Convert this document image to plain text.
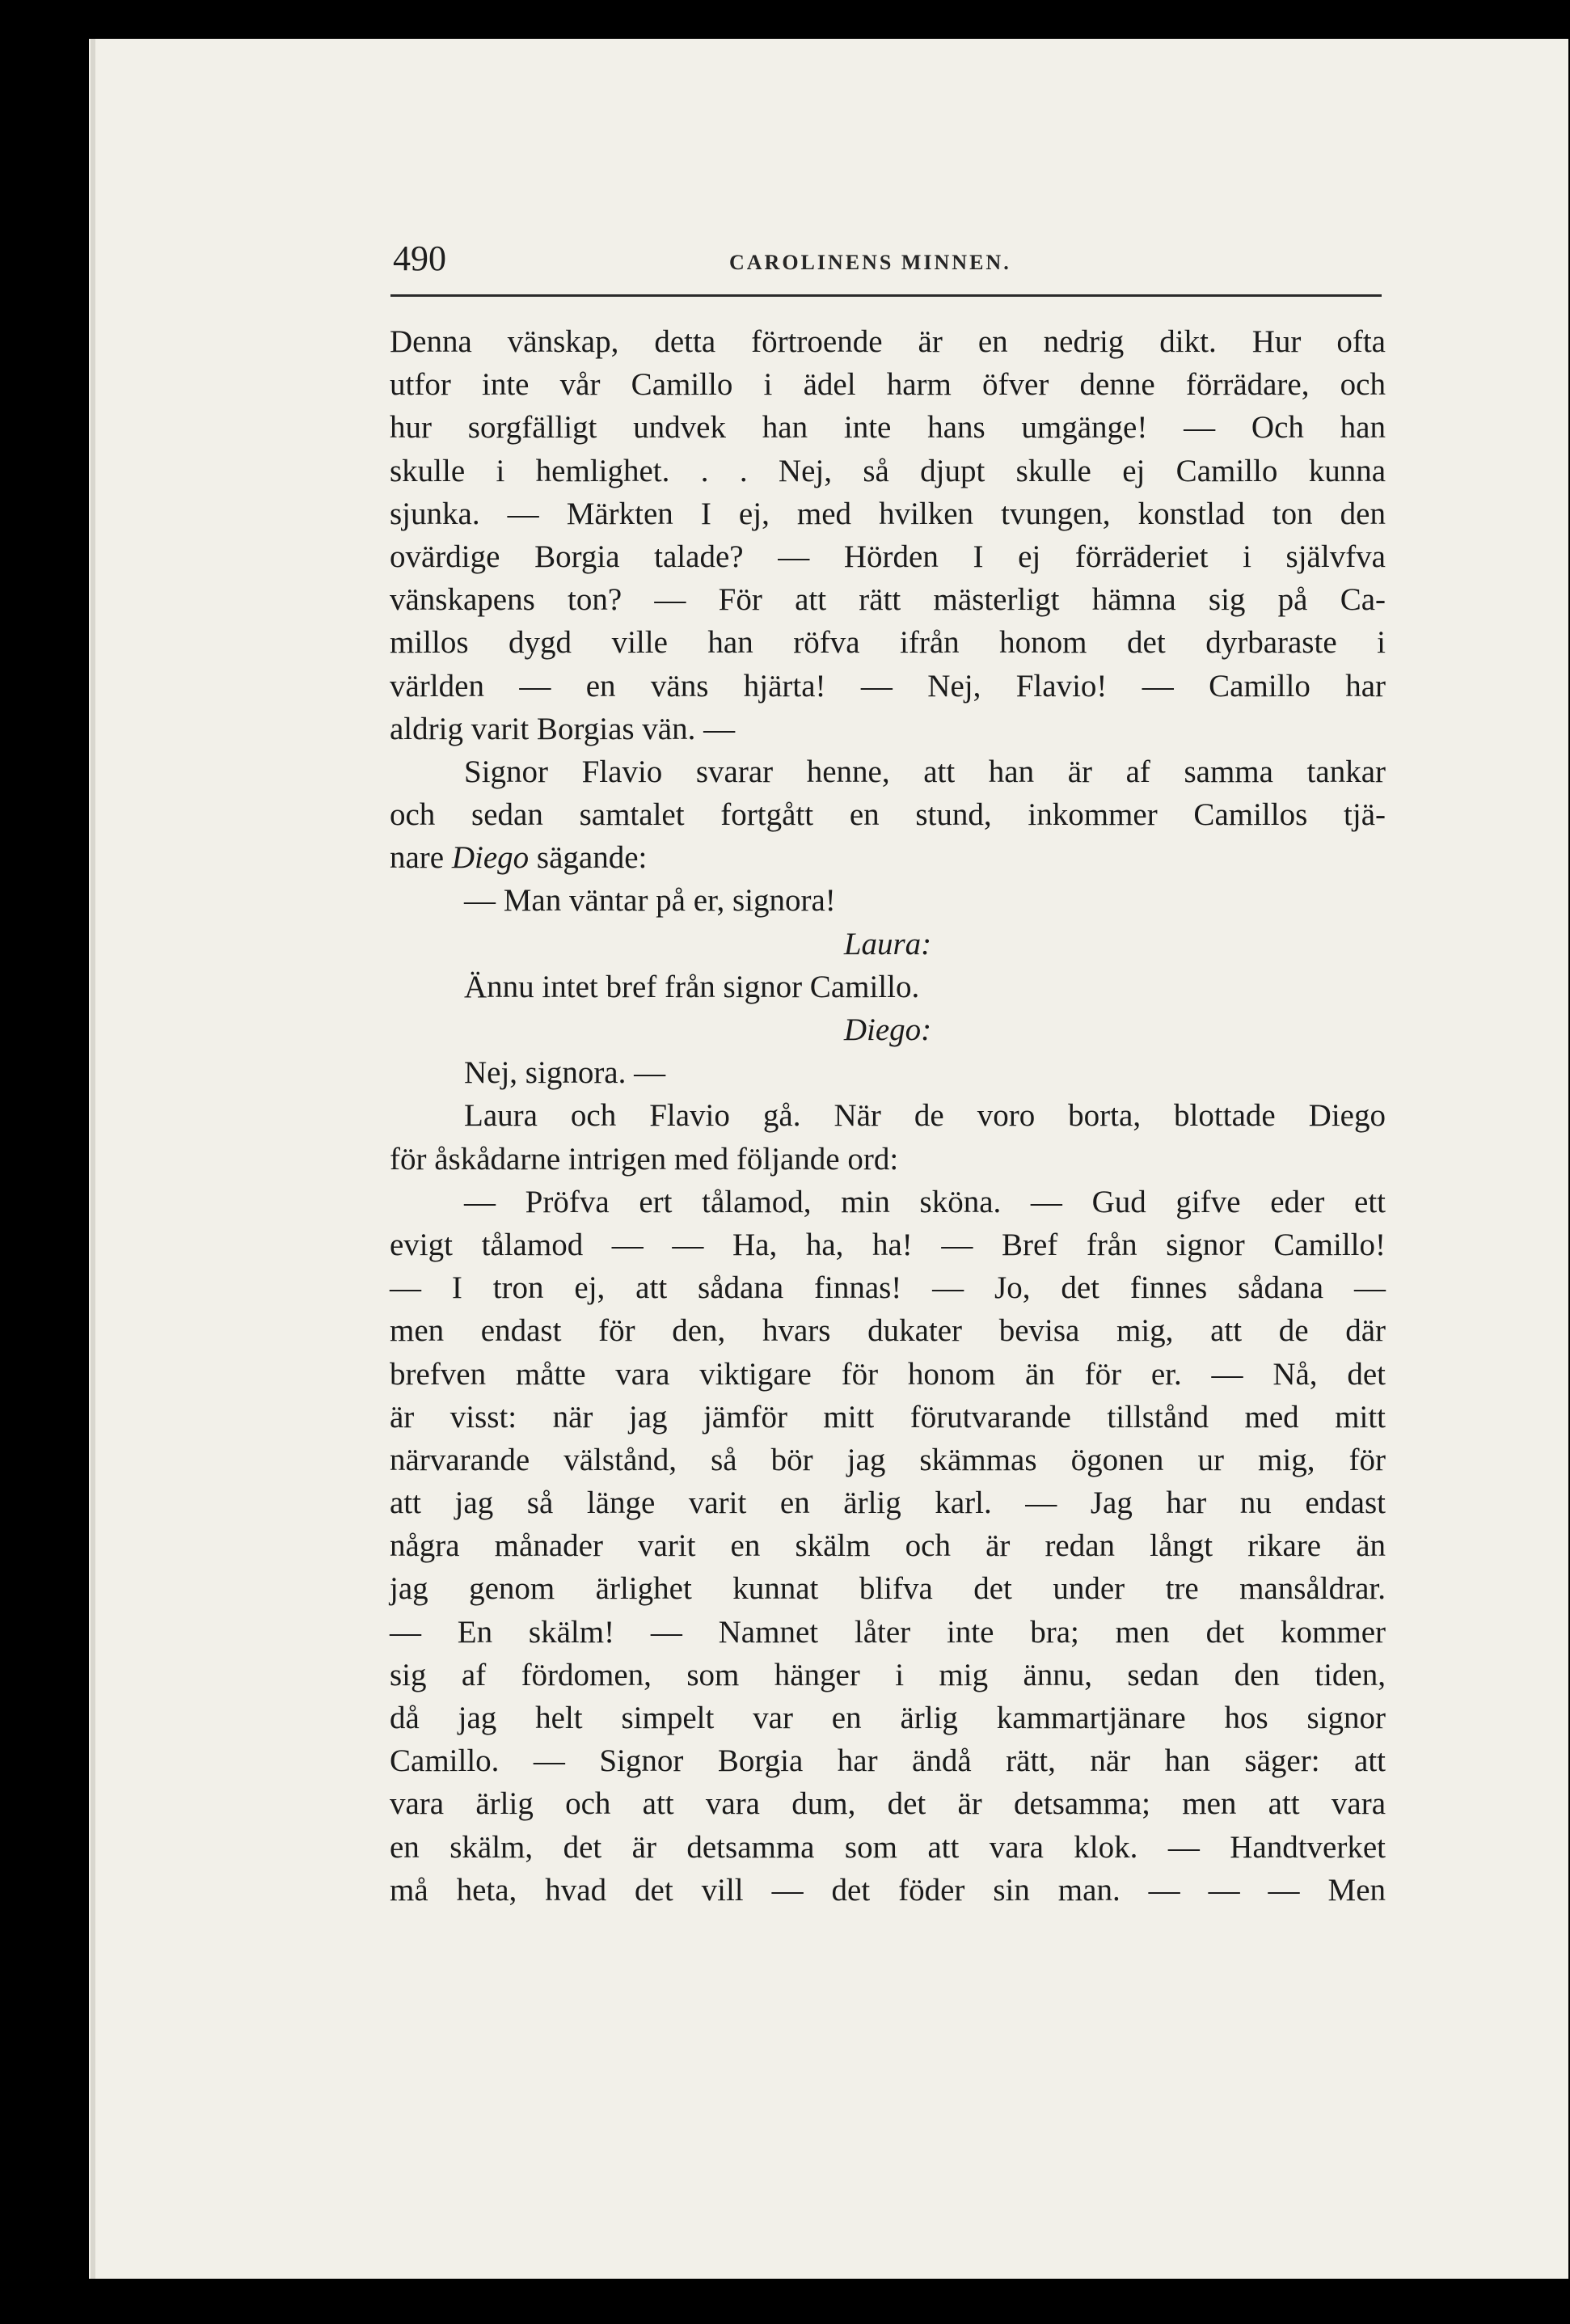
490	CAROLINENS MINNEN.
Denna vänskap, detta förtroende är en nedrig dikt. Hur ofta
utfor inte vår Camillo i ädel harm öfver denne förrädare, och
hur sorgfälligt undvek han inte hans umgänge! — Och han
skulle i hemlighet. . . Nej, så djupt skulle ej Camillo kunna
sjunka. — Märkten I ej, med hvilken tvungen, konstlad ton den
ovärdige Borgia talade? — Hörden I ej förräderiet i självfva
vänskapens ton? — För att rätt mästerligt hämna sig på Ca-
millos dygd ville han röfva ifrån honom det dyrbaraste i
världen — en väns hjärta! — Nej, Flavio! — Camillo har
aldrig varit Borgias vän. —
Signor Flavio svarar henne, att han är af samma tankar
och sedan samtalet fortgått en stund, inkommer Camillos tjä-
nare Diego sägande:
— Man väntar på er, signora!
Laura:
Ännu intet bref från signor Camillo.
Diego:
Nej, signora. —
Laura och Flavio gå. När de voro borta, blottade Diego
för åskådarne intrigen med följande ord:
— Pröfva ert tålamod, min sköna. — Gud gifve eder ett
evigt tålamod — — Ha, ha, ha! — Bref från signor Camillo!
— I tron ej, att sådana finnas! — Jo, det finnes sådana —
men endast för den, hvars dukater bevisa mig, att de där
brefven måtte vara viktigare för honom än för er. — Nå, det
är visst: när jag jämför mitt förutvarande tillstånd med mitt
närvarande välstånd, så bör jag skämmas ögonen ur mig, för
att jag så länge varit en ärlig karl. — Jag har nu endast
några månader varit en skälm och är redan långt rikare än
jag genom ärlighet kunnat blifva det under tre mansåldrar.
— En skälm! — Namnet låter inte bra; men det kommer
sig af fördomen, som hänger i mig ännu, sedan den tiden,
då jag helt simpelt var en ärlig kammartjänare hos signor
Camillo. — Signor Borgia har ändå rätt, när han säger: att
vara ärlig och att vara dum, det är detsamma; men att vara
en skälm, det är detsamma som att vara klok. — Handtverket
må heta, hvad det vill — det föder sin man. — — — Men
